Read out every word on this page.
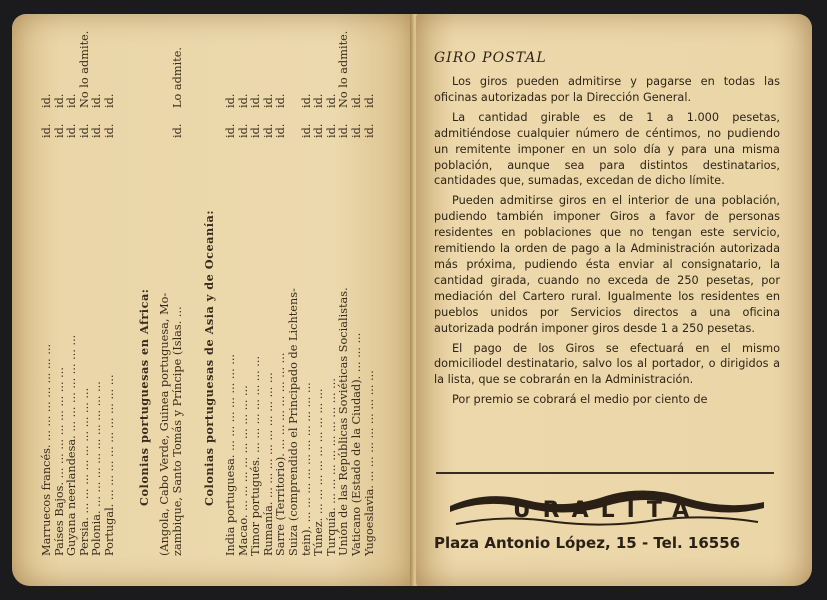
Marruecos francés. ... ... ... ... ... ... ...
id.
id.
Países Bajos. ... ... ... ... ... ... ... ...
id.
id.
Guyana neerlandesa. ... ... ... ... ... ... ...
id.
id.
Persia. ... ... ... ... ... ... ... ... ...
id.
No lo admite.
Polonia. ... ... ... ... ... ... ... ... ...
id.
id.
Portugal. ... ... ... ... ... ... ... ... ...
id.
id.
Colonias portuguesas en Africa: (Angola, Cabo Verde, Guinea portuguesa, Mo- zambique, Santo Tomás y Príncipe (Islas. ...
id.
Lo admite.
Colonias portuguesas de Asia y de Oceanía: India portuguesa. ... ... ... ... ... ... ...
id.
id.
Macao. ... ... ... ... ... ... ... ... ...
id.
id.
Timor portugués. ... ... ... ... ... ... ...
id.
id.
Rumanía. ... ... ... ... ... ... ... ... ...
id.
id.
Sarre (Territorio). ... ... ... ... ... ... ...
id.
id.
Suiza (comprendido el Principado de Lichtens- tein). ... ... ... ... ... ... ... ... ... ...
id.
id.
Túnez. ... ... ... ... ... ... ... ... ...
id.
id.
Turquía. ... ... ... ... ... ... ... ... ...
id.
id.
Unión de las Repúblicas Soviéticas Socialistas.
id.
No lo admite.
Vaticano (Estado de la Ciudad). ... ... ...
id.
id.
Yugoeslavia. ... ... ... ... ... ... ... ...
id.
id.
GIRO POSTAL

Los giros pueden admitirse y pagarse en todas las oficinas autorizadas por la Dirección General.

La cantidad girable es de 1 a 1.000 pesetas, admitiéndose cualquier número de céntimos, no pudiendo un remitente imponer en un solo día y para una misma población, aunque sea para distintos destinatarios, cantidades que, sumadas, excedan de dicho límite.

Pueden admitirse giros en el interior de una población, pudiendo también imponer Giros a favor de personas residentes en poblaciones que no tengan este servicio, remitiendo la orden de pago a la Administración autorizada más próxima, pudiendo ésta enviar al consignatario, la cantidad girada, cuando no exceda de 250 pesetas, por mediación del Cartero rural. Igualmente los residentes en pueblos unidos por Servicios directos a una oficina autorizada podrán imponer giros desde 1 a 250 pesetas.

El pago de los Giros se efectuará en el mismo domiciliodel destinatario, salvo los al portador, o dirigidos a la lista, que se cobrarán en la Administración.

Por premio se cobrará el medio por ciento de

URALITA
Plaza Antonio López, 15 - Tel. 16556
